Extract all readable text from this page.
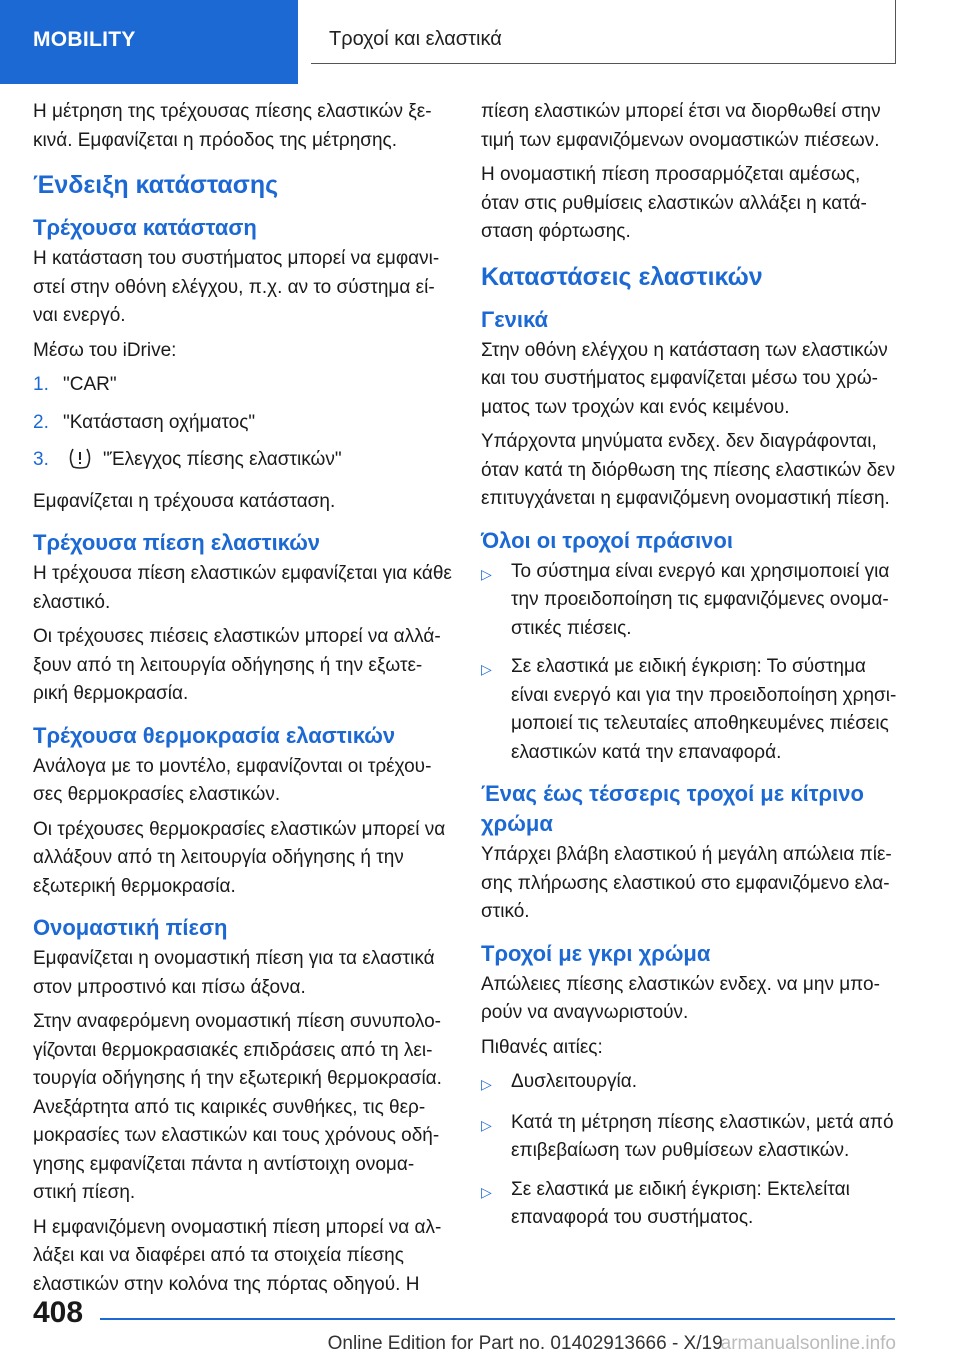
MOBILITY	Τροχοί και ελαστικά

Η μέτρηση της τρέχουσας πίεσης ελαστικών ξε-κινά. Εμφανίζεται η πρόοδος της μέτρησης.

Ένδειξη κατάστασης
Τρέχουσα κατάσταση

Η κατάσταση του συστήματος μπορεί να εμφανι-στεί στην οθόνη ελέγχου, π.χ. αν το σύστημα εί-ναι ενεργό.

Μέσω του iDrive:

1. "CAR"
2. "Κατάσταση οχήματος"
3.	"Έλεγχος πίεσης ελαστικών"

Εμφανίζεται η τρέχουσα κατάσταση.

Τρέχουσα πίεση ελαστικών

Η τρέχουσα πίεση ελαστικών εμφανίζεται για κάθε ελαστικό.

Οι τρέχουσες πιέσεις ελαστικών μπορεί να αλλά-ξουν από τη λειτουργία οδήγησης ή την εξωτε-ρική θερμοκρασία.

Τρέχουσα θερμοκρασία ελαστικών

Ανάλογα με το μοντέλο, εμφανίζονται οι τρέχου-σες θερμοκρασίες ελαστικών.

Οι τρέχουσες θερμοκρασίες ελαστικών μπορεί να αλλάξουν από τη λειτουργία οδήγησης ή την εξωτερική θερμοκρασία.

Ονομαστική πίεση

Εμφανίζεται η ονομαστική πίεση για τα ελαστικά στον μπροστινό και πίσω άξονα.

Στην αναφερόμενη ονομαστική πίεση συνυπολο-γίζονται θερμοκρασιακές επιδράσεις από τη λει-τουργία οδήγησης ή την εξωτερική θερμοκρασία. Ανεξάρτητα από τις καιρικές συνθήκες, τις θερ-μοκρασίες των ελαστικών και τους χρόνους οδή-γησης εμφανίζεται πάντα η αντίστοιχη ονομα-στική πίεση.

Η εμφανιζόμενη ονομαστική πίεση μπορεί να αλ-λάξει και να διαφέρει από τα στοιχεία πίεσης ελαστικών στην κολόνα της πόρτας οδηγού. Η

πίεση ελαστικών μπορεί έτσι να διορθωθεί στην τιμή των εμφανιζόμενων ονομαστικών πιέσεων.

Η ονομαστική πίεση προσαρμόζεται αμέσως, όταν στις ρυθμίσεις ελαστικών αλλάξει η κατά-σταση φόρτωσης.

Καταστάσεις ελαστικών
Γενικά

Στην οθόνη ελέγχου η κατάσταση των ελαστικών και του συστήματος εμφανίζεται μέσω του χρώ-ματος των τροχών και ενός κειμένου.

Υπάρχοντα μηνύματα ενδεχ. δεν διαγράφονται, όταν κατά τη διόρθωση της πίεσης ελαστικών δεν επιτυγχάνεται η εμφανιζόμενη ονομαστική πίεση.

Όλοι οι τροχοί πράσινοι
▷	Το σύστημα είναι ενεργό και χρησιμοποιεί για την προειδοποίηση τις εμφανιζόμενες ονομα-στικές πιέσεις.
▷	Σε ελαστικά με ειδική έγκριση: Το σύστημα είναι ενεργό και για την προειδοποίηση χρησι-μοποιεί τις τελευταίες αποθηκευμένες πιέσεις ελαστικών κατά την επαναφορά.
Ένας έως τέσσερις τροχοί με κίτρινο χρώμα

Υπάρχει βλάβη ελαστικού ή μεγάλη απώλεια πίε-σης πλήρωσης ελαστικού στο εμφανιζόμενο ελα-στικό.

Τροχοί με γκρι χρώμα

Απώλειες πίεσης ελαστικών ενδεχ. να μην μπο-ρούν να αναγνωριστούν.

Πιθανές αιτίες:

▷	Δυσλειτουργία.
▷	Κατά τη μέτρηση πίεσης ελαστικών, μετά από επιβεβαίωση των ρυθμίσεων ελαστικών.
▷	Σε ελαστικά με ειδική έγκριση: Εκτελείται επαναφορά του συστήματος.
408
Online Edition for Part no. 01402913666 - X/19armanualsonline.info
